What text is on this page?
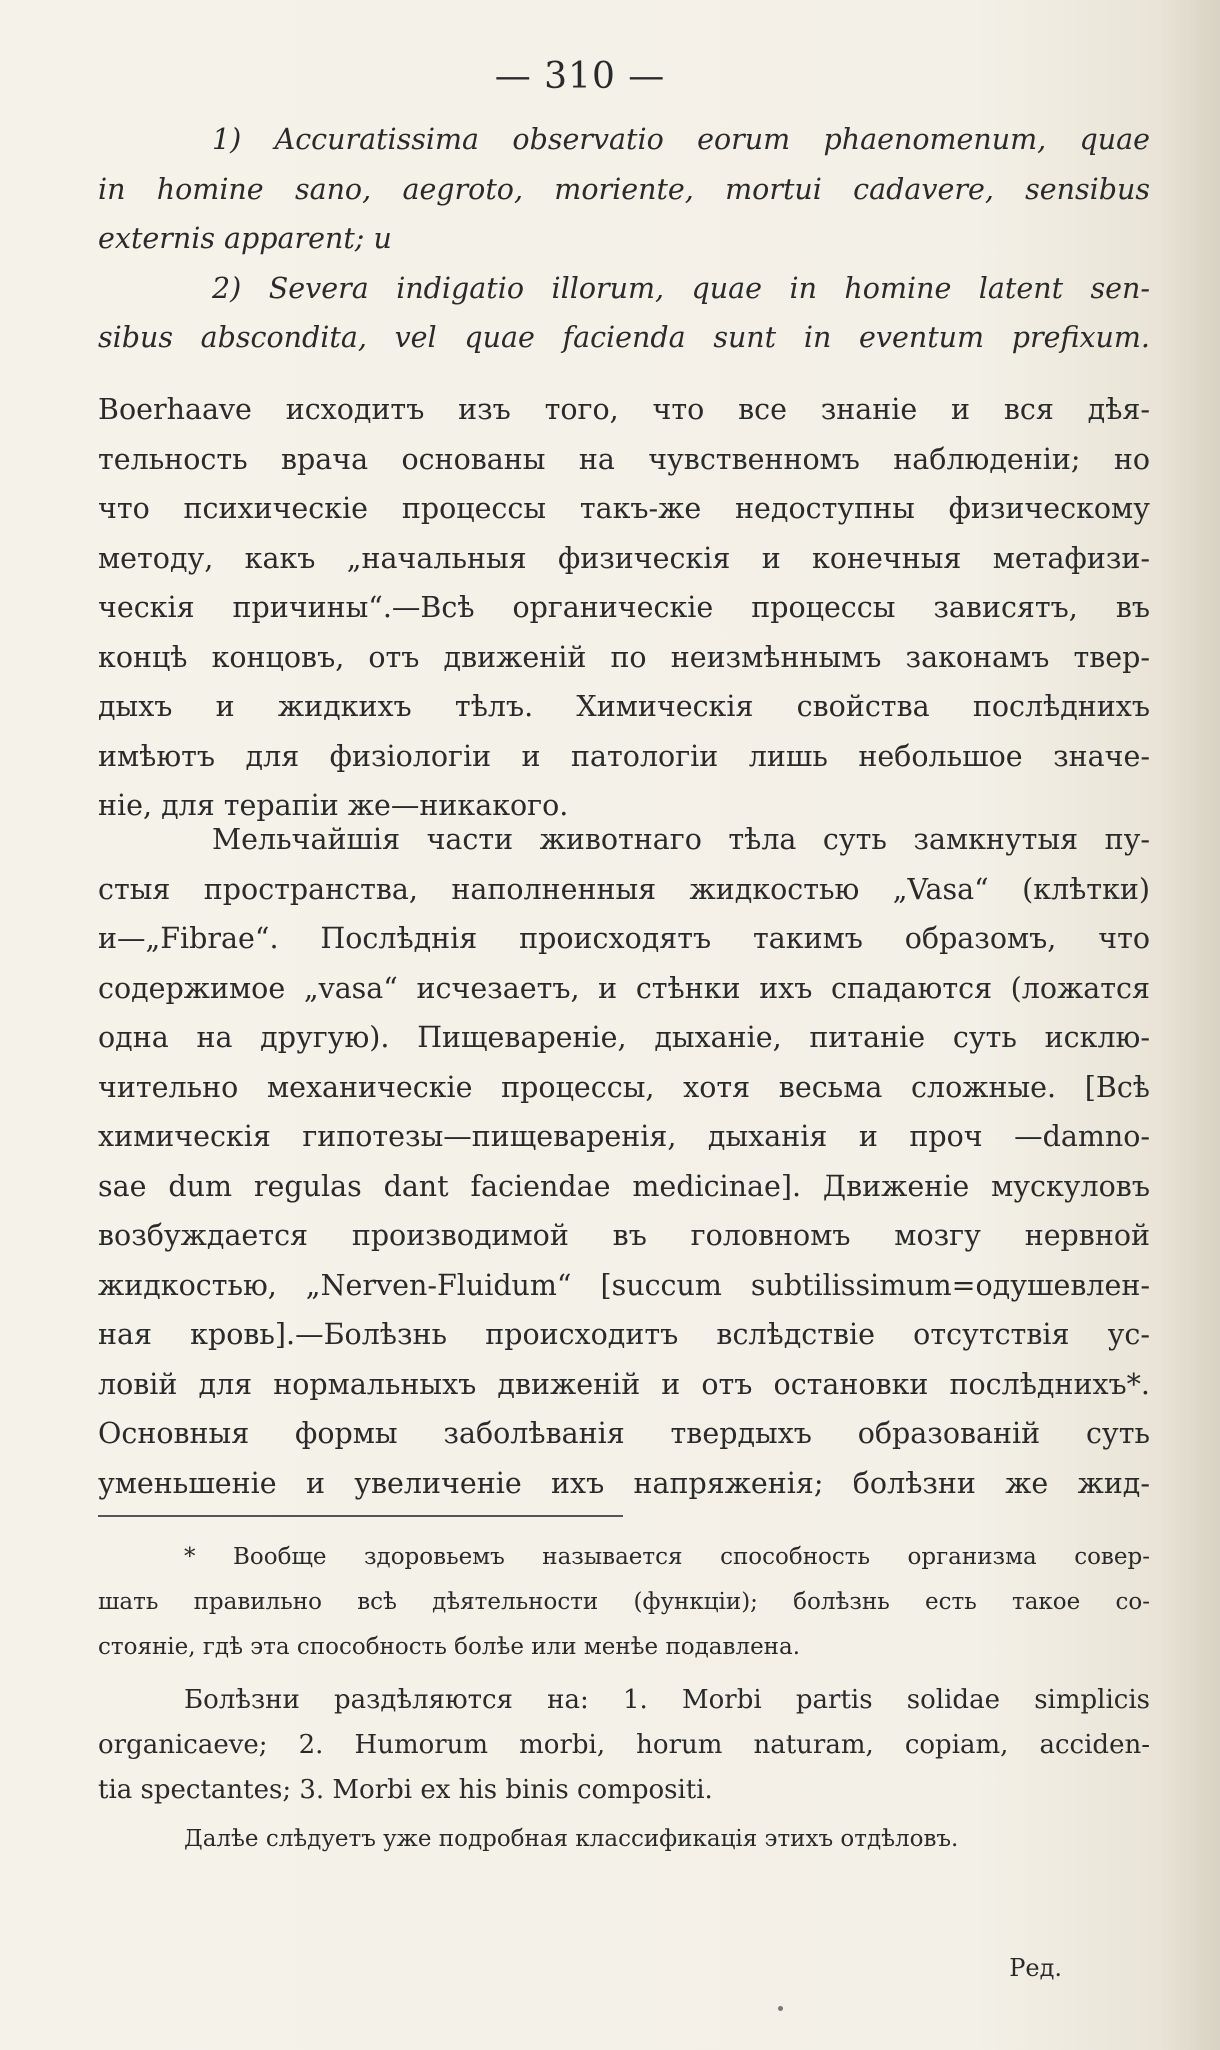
— 310 —
1) Accuratissima observatio eorum phaenomenum, quae
in homine sano, aegroto, moriente, mortui cadavere, sensibus
externis apparent; и
2) Severa indigatio illorum, quae in homine latent sen-
sibus abscondita, vel quae facienda sunt in eventum prefixum.
Boerhaave исходитъ изъ того, что все знанiе и вся дѣя-
тельность врача основаны на чувственномъ наблюденiи; но
что психическiе процессы такъ-же недоступны физическому
методу, какъ „начальныя физическiя и конечныя метафизи-
ческiя причины“.—Всѣ органическiе процессы зависятъ, въ
концѣ концовъ, отъ движенiй по неизмѣннымъ законамъ твер-
дыхъ и жидкихъ тѣлъ. Химическiя свойства послѣднихъ
имѣютъ для физiологiи и патологiи лишь небольшое значе-
нiе, для терапiи же—никакого.
Мельчайшiя части животнаго тѣла суть замкнутыя пу-
стыя пространства, наполненныя жидкостью „Vasa“ (клѣтки)
и—„Fibrae“. Послѣднiя происходятъ такимъ образомъ, что
содержимое „vasa“ исчезаетъ, и стѣнки ихъ спадаются (ложатся
одна на другую). Пищеваренiе, дыханiе, питанiе суть исклю-
чительно механическiе процессы, хотя весьма сложные. [Всѣ
химическiя гипотезы—пищеваренiя, дыханiя и проч —damno-
sae dum regulas dant faciendae medicinae]. Движенiе мускуловъ
возбуждается производимой въ головномъ мозгу нервной
жидкостью, „Nerven-Fluidum“ [succum subtilissimum=одушевлен-
ная кровь].—Болѣзнь происходитъ вслѣдствiе отсутствiя ус-
ловiй для нормальныхъ движенiй и отъ остановки послѣднихъ*.
Основныя формы заболѣванiя твердыхъ образованiй суть
уменьшенiе и увеличенiе ихъ напряженiя; болѣзни же жид-
* Вообще здоровьемъ называется способность организма совер-
шать правильно всѣ дѣятельности (функцiи); болѣзнь есть такое со-
стоянiе, гдѣ эта способность болѣе или менѣе подавлена.
Болѣзни раздѣляются на: 1. Morbi partis solidae simplicis
organicaeve; 2. Humorum morbi, horum naturam, copiam, acciden-
tia spectantes; 3. Morbi ex his binis compositi.
Далѣе слѣдуетъ уже подробная классификацiя этихъ отдѣловъ.
Ред.
